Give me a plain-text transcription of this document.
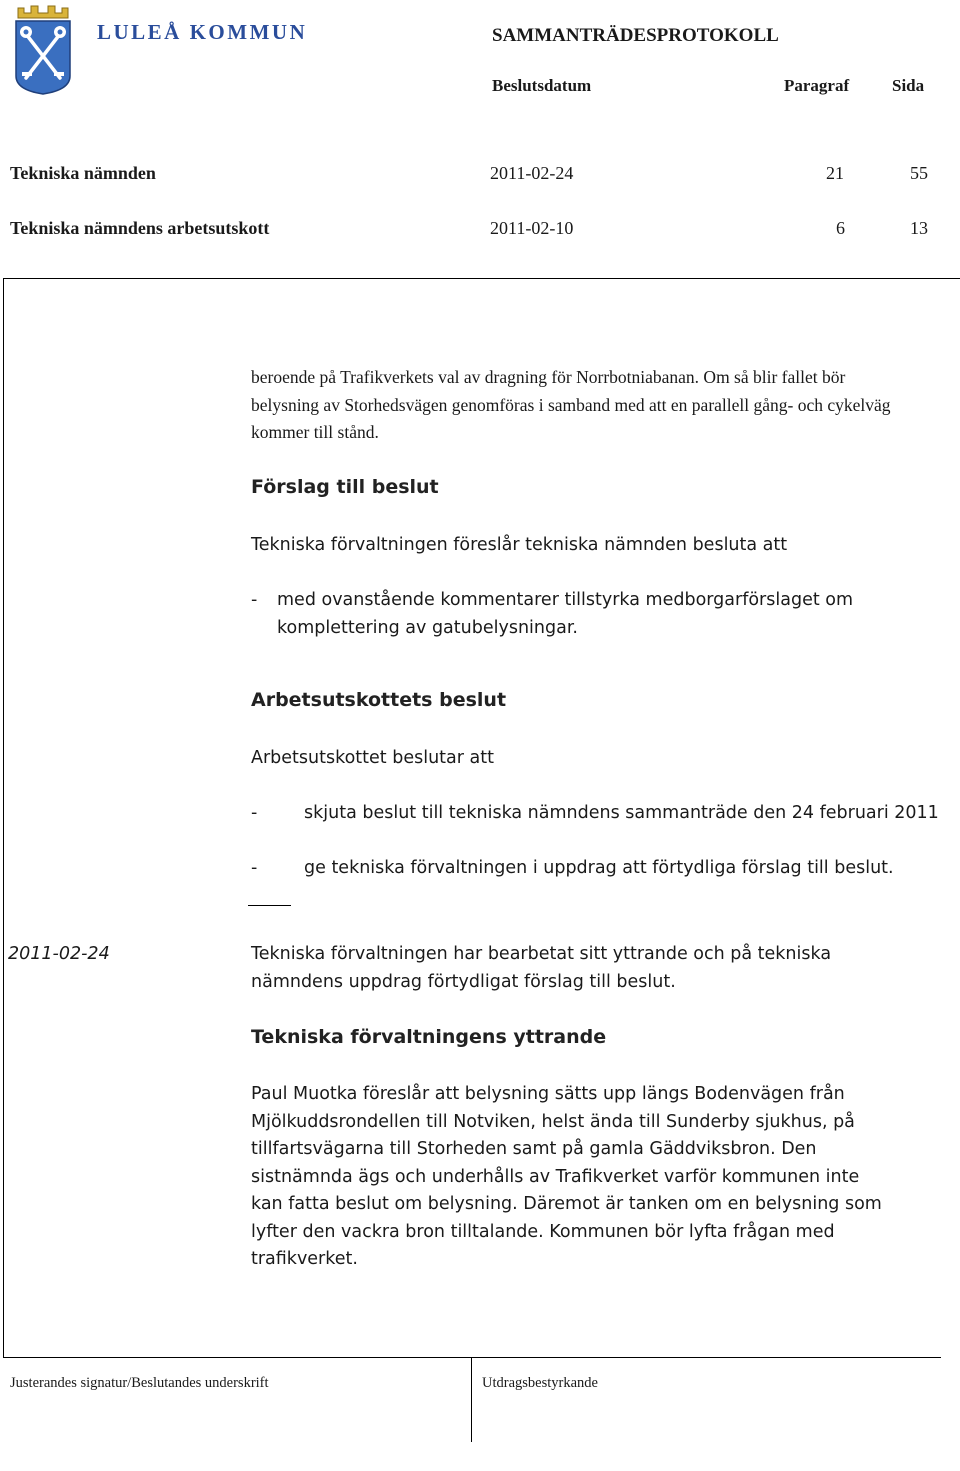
LULEÅ KOMMUN	SAMMANTRÄDESPROTOKOLL
Beslutsdatum	Paragraf	Sida
Tekniska nämnden	2011-02-24	21	55
Tekniska nämndens arbetsutskott	2011-02-10	6	13
beroende på Trafikverkets val av dragning för Norrbotniabanan. Om så blir fallet bör belysning av Storhedsvägen genomföras i samband med att en parallell gång- och cykelväg kommer till stånd.
Förslag till beslut
Tekniska förvaltningen föreslår tekniska nämnden besluta att
- med ovanstående kommentarer tillstyrka medborgarförslaget om komplettering av gatubelysningar.
Arbetsutskottets beslut
Arbetsutskottet beslutar att
-	skjuta beslut till tekniska nämndens sammanträde den 24 februari 2011
-	ge tekniska förvaltningen i uppdrag att förtydliga förslag till beslut.
2011-02-24	Tekniska förvaltningen har bearbetat sitt yttrande och på tekniska nämndens uppdrag förtydligat förslag till beslut.
Tekniska förvaltningens yttrande
Paul Muotka föreslår att belysning sätts upp längs Bodenvägen från Mjölkuddsrondellen till Notviken, helst ända till Sunderby sjukhus, på tillfartsvägarna till Storheden samt på gamla Gäddviksbron. Den sistnämnda ägs och underhålls av Trafikverket varför kommunen inte kan fatta beslut om belysning. Däremot är tanken om en belysning som lyfter den vackra bron tilltalande. Kommunen bör lyfta frågan med trafikverket.
Justerandes signatur/Beslutandes underskrift	Utdragsbestyrkande
